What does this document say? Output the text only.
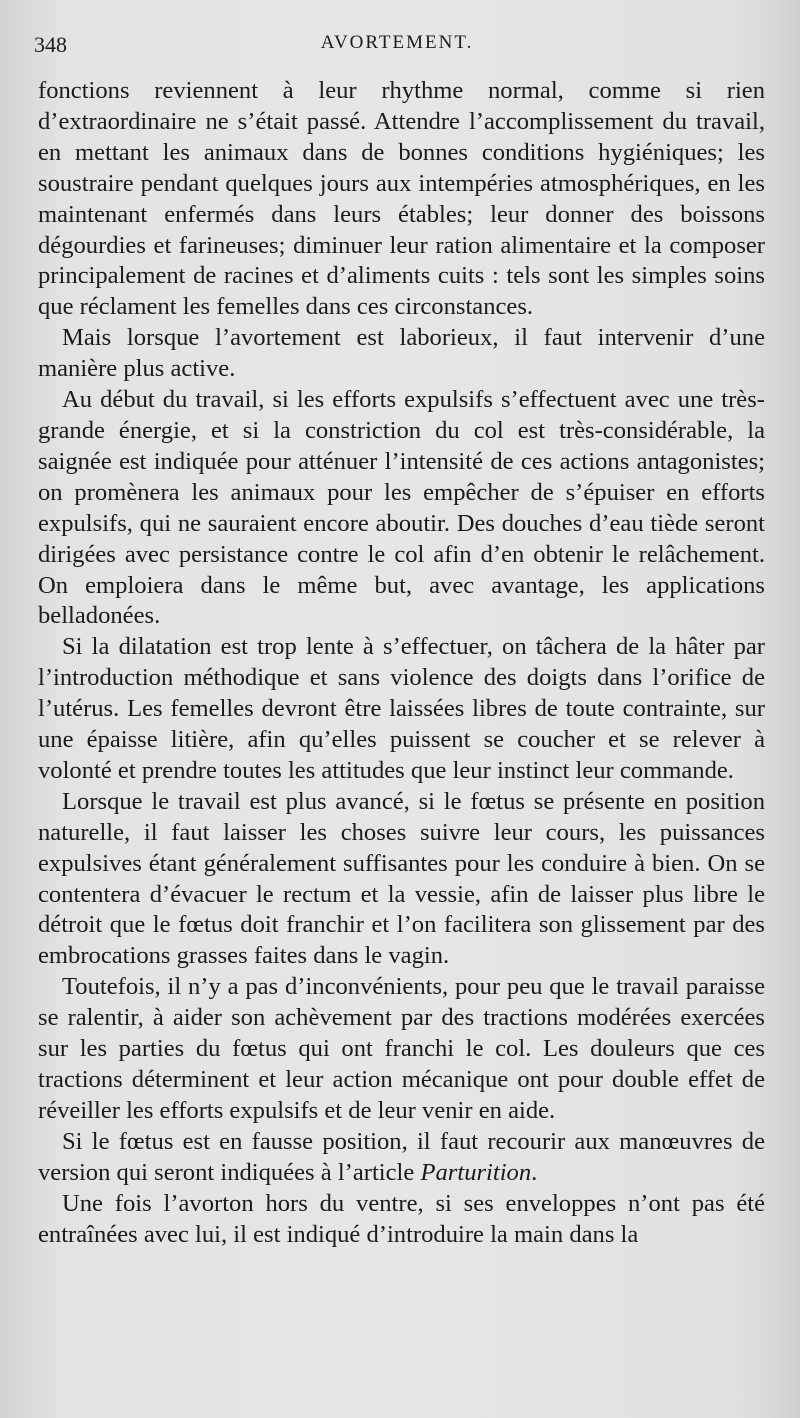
348	AVORTEMENT.

fonctions reviennent à leur rhythme normal, comme si rien d’extraordinaire ne s’était passé. Attendre l’accomplissement du travail, en mettant les animaux dans de bonnes conditions hygiéniques; les soustraire pendant quelques jours aux intempéries atmosphériques, en les maintenant enfermés dans leurs étables; leur donner des boissons dégourdies et farineuses; diminuer leur ration alimentaire et la composer principalement de racines et d’aliments cuits : tels sont les simples soins que réclament les femelles dans ces circonstances.

Mais lorsque l’avortement est laborieux, il faut intervenir d’une manière plus active.

Au début du travail, si les efforts expulsifs s’effectuent avec une très-grande énergie, et si la constriction du col est très-considérable, la saignée est indiquée pour atténuer l’intensité de ces actions antagonistes; on promènera les animaux pour les empêcher de s’épuiser en efforts expulsifs, qui ne sauraient encore aboutir. Des douches d’eau tiède seront dirigées avec persistance contre le col afin d’en obtenir le relâchement. On emploiera dans le même but, avec avantage, les applications belladonées.

Si la dilatation est trop lente à s’effectuer, on tâchera de la hâter par l’introduction méthodique et sans violence des doigts dans l’orifice de l’utérus. Les femelles devront être laissées libres de toute contrainte, sur une épaisse litière, afin qu’elles puissent se coucher et se relever à volonté et prendre toutes les attitudes que leur instinct leur commande.

Lorsque le travail est plus avancé, si le fœtus se présente en position naturelle, il faut laisser les choses suivre leur cours, les puissances expulsives étant généralement suffisantes pour les conduire à bien. On se contentera d’évacuer le rectum et la vessie, afin de laisser plus libre le détroit que le fœtus doit franchir et l’on facilitera son glissement par des embrocations grasses faites dans le vagin.

Toutefois, il n’y a pas d’inconvénients, pour peu que le travail paraisse se ralentir, à aider son achèvement par des tractions modérées exercées sur les parties du fœtus qui ont franchi le col. Les douleurs que ces tractions déterminent et leur action mécanique ont pour double effet de réveiller les efforts expulsifs et de leur venir en aide.

Si le fœtus est en fausse position, il faut recourir aux manœuvres de version qui seront indiquées à l’article Parturition.

Une fois l’avorton hors du ventre, si ses enveloppes n’ont pas été entraînées avec lui, il est indiqué d’introduire la main dans la
